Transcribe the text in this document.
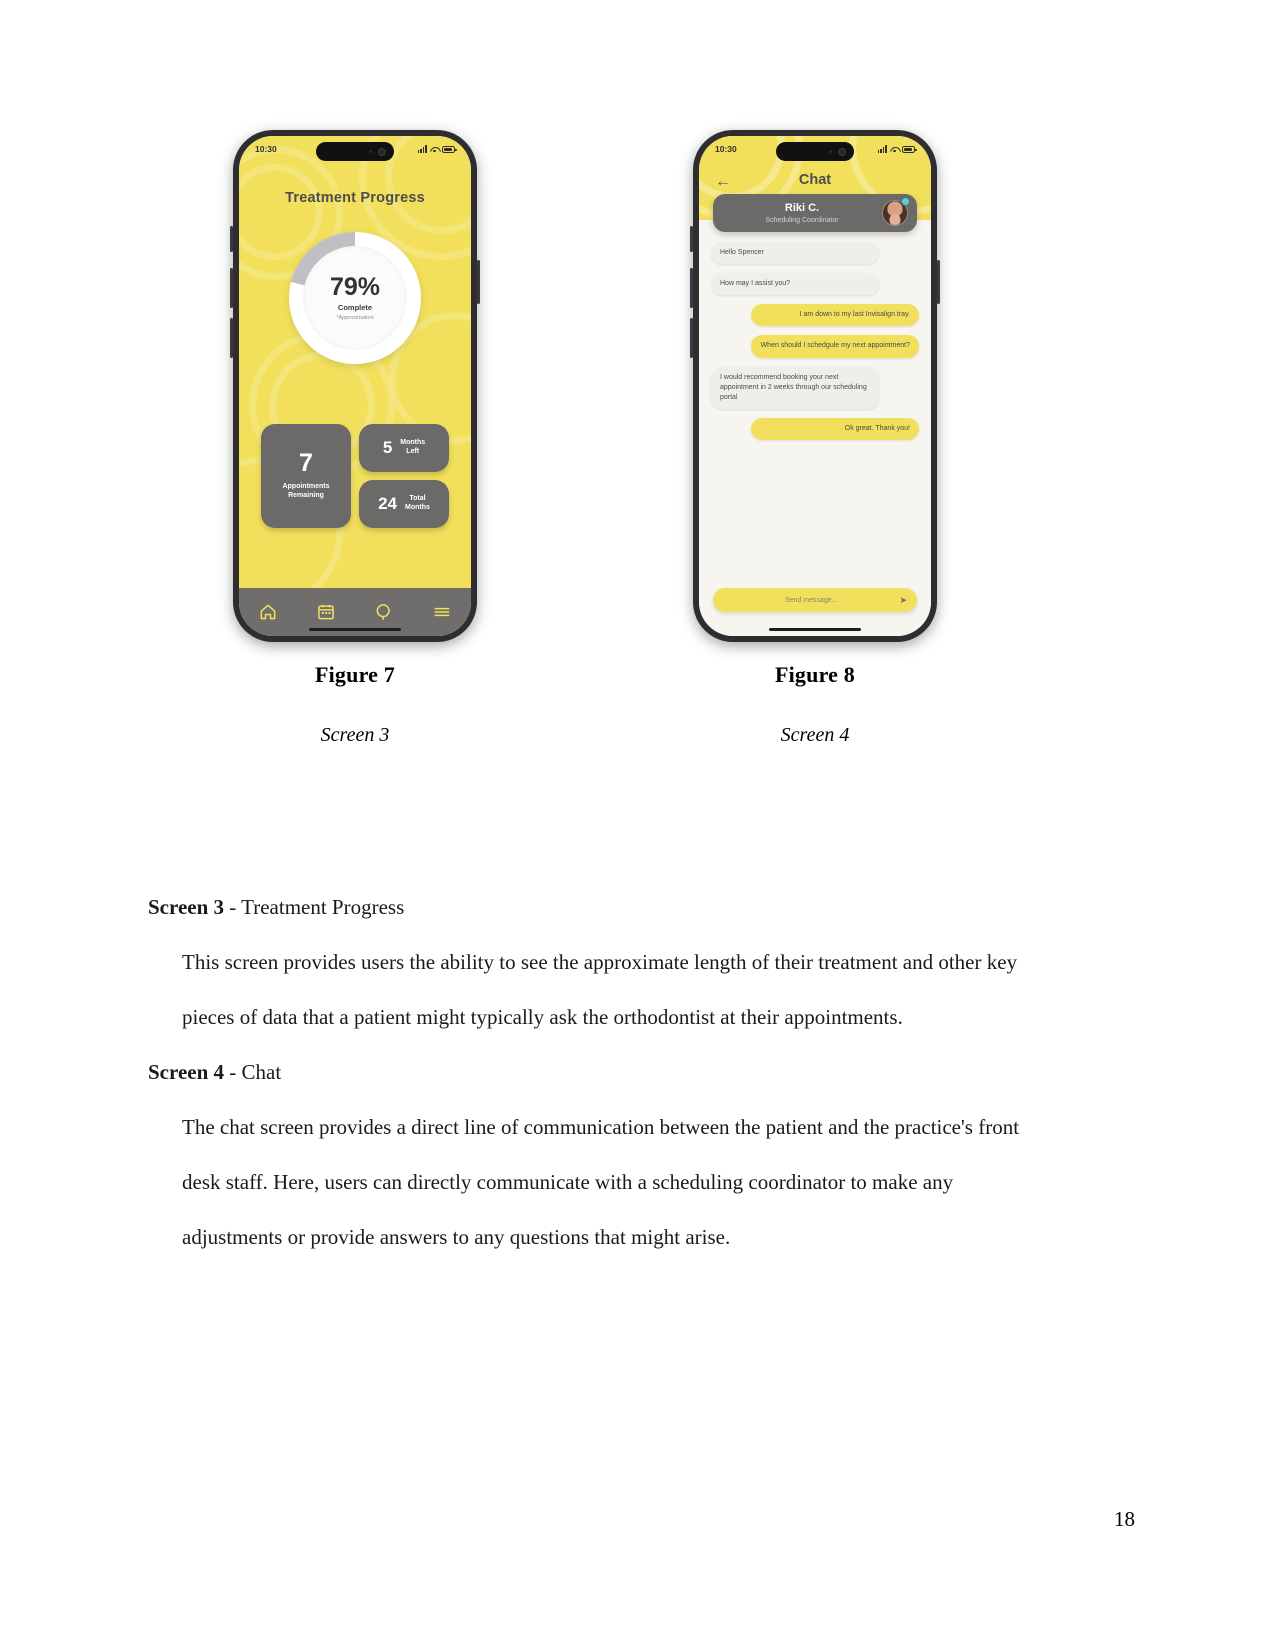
Treatment Progress
79%
Complete
*Approximation
7
Appointments
Remaining
5 Months
Left
24	Total
Months
10:30
Figure 7
Screen 3
←	Chat
Riki C.
Scheduling Coordinator
Hello Spencer
How may I assist you?
I am down to my last Invisalign tray.
When should I schedgule my next appointment?
I would recommend booking your next appointment in 2 weeks through our scheduling portal
Ok great. Thank you!
Send message...	➤
10:30
Figure 8
Screen 4
Screen 3 - Treatment Progress

This screen provides users the ability to see the approximate length of their treatment and other key pieces of data that a patient might typically ask the orthodontist at their appointments.

Screen 4 - Chat

The chat screen provides a direct line of communication between the patient and the practice's front desk staff. Here, users can directly communicate with a scheduling coordinator to make any adjustments or provide answers to any questions that might arise.

18
